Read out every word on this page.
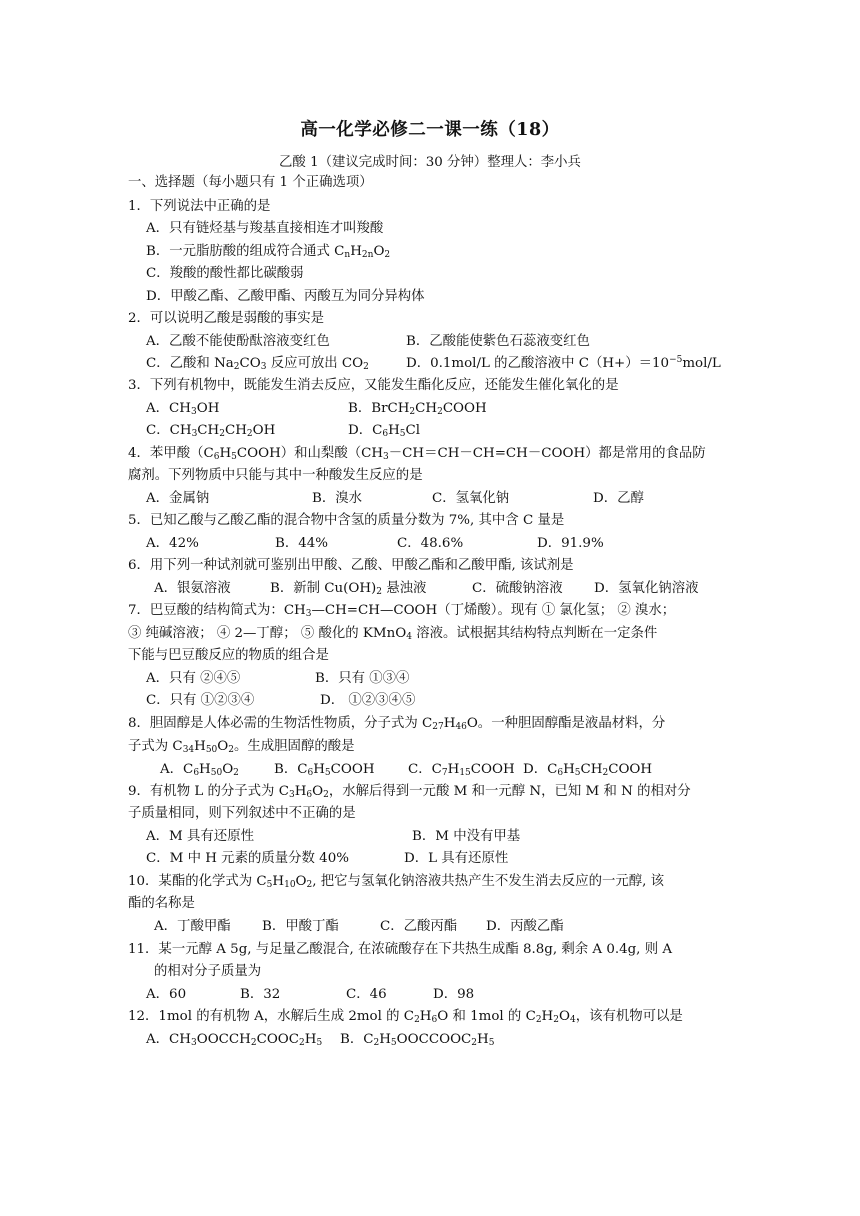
高一化学必修二一课一练（18）
乙酸 1（建议完成时间：30 分钟）整理人：李小兵
一、选择题（每小题只有 1 个正确选项）
1．下列说法中正确的是
A．只有链烃基与羧基直接相连才叫羧酸
B．一元脂肪酸的组成符合通式 $C_nH_{2n}O_2$
C．羧酸的酸性都比碳酸弱
D．甲酸乙酯、乙酸甲酯、丙酸互为同分异构体
2．可以说明乙酸是弱酸的事实是
A．乙酸不能使酚酞溶液变红色	B．乙酸能使紫色石蕊液变红色
C．乙酸和 $Na_2CO_3$ 反应可放出 $CO_2$	D．0.1mol/L 的乙酸溶液中 $C(H+)=10^{-5}mol/L$
3．下列有机物中，既能发生消去反应，又能发生酯化反应，还能发生催化氧化的是
A．$CH_3OH$	B．$BrCH_2CH_2COOH$
C．$CH_3CH_2CH_2OH$	D．$C_6H_5Cl$
4．苯甲酸$(C_6H_5COOH)$和山梨酸$(CH_3-CH=CH-CH=CH-COOH)$都是常用的食品防
腐剂。下列物质中只能与其中一种酸发生反应的是
A．金属钠	B．溴水	C．氢氧化钠	D．乙醇
5．已知乙酸与乙酸乙酯的混合物中含氢的质量分数为 7%, 其中含 C 量是
A．42%	B．44%	C．48.6%	D．91.9%
6．用下列一种试剂就可鉴别出甲酸、乙酸、甲酸乙酯和乙酸甲酯, 该试剂是
A．银氨溶液	B．新制 $Cu(OH)_2$ 悬浊液	C．硫酸钠溶液 D．氢氧化钠溶液
7．巴豆酸的结构简式为：$CH_3—CH=CH—COOH$（丁烯酸）。现有 ① 氯化氢； ② 溴水；
③ 纯碱溶液； ④ 2—丁醇； ⑤ 酸化的 KMnO$_4$ 溶液。试根据其结构特点判断在一定条件
下能与巴豆酸反应的物质的组合是
A．只有 ②④⑤	B．只有 ①③④
C．只有 ①②③④	D． ①②③④⑤
8．胆固醇是人体必需的生物活性物质，分子式为 $C_{27}H_{46}O$。一种胆固醇酯是液晶材料，分
子式为 $C_{34}H_{50}O_2$。生成胆固醇的酸是
A．$C_6H_{50}O_2$	B．$C_6H_5COOH$ C．$C_7H_{15}COOH$ D．$C_6H_5CH_2COOH$
9．有机物 L 的分子式为 $C_3H_6O_2$，水解后得到一元酸 M 和一元醇 N，已知 M 和 N 的相对分
子质量相同，则下列叙述中不正确的是
A．M 具有还原性	B．M 中没有甲基
C．M 中 H 元素的质量分数 40%	D．L 具有还原性
10．某酯的化学式为 $C_5H_{10}O_2$, 把它与氢氧化钠溶液共热产生不发生消去反应的一元醇, 该
酯的名称是
A．丁酸甲酯 B．甲酸丁酯	C．乙酸丙酯 D．丙酸乙酯
11．某一元醇 A 5g, 与足量乙酸混合, 在浓硫酸存在下共热生成酯 8.8g, 剩余 A 0.4g, 则 A
的相对分子质量为
A．60	B．32	C．46	D．98
12．1mol 的有机物 A，水解后生成 2mol 的 $C_2H_6O$ 和 1mol 的 $C_2H_2O_4$，该有机物可以是
A．$CH_3OOCCH_2COOC_2H_5$ B．$C_2H_5OOCCOOC_2H_5$
